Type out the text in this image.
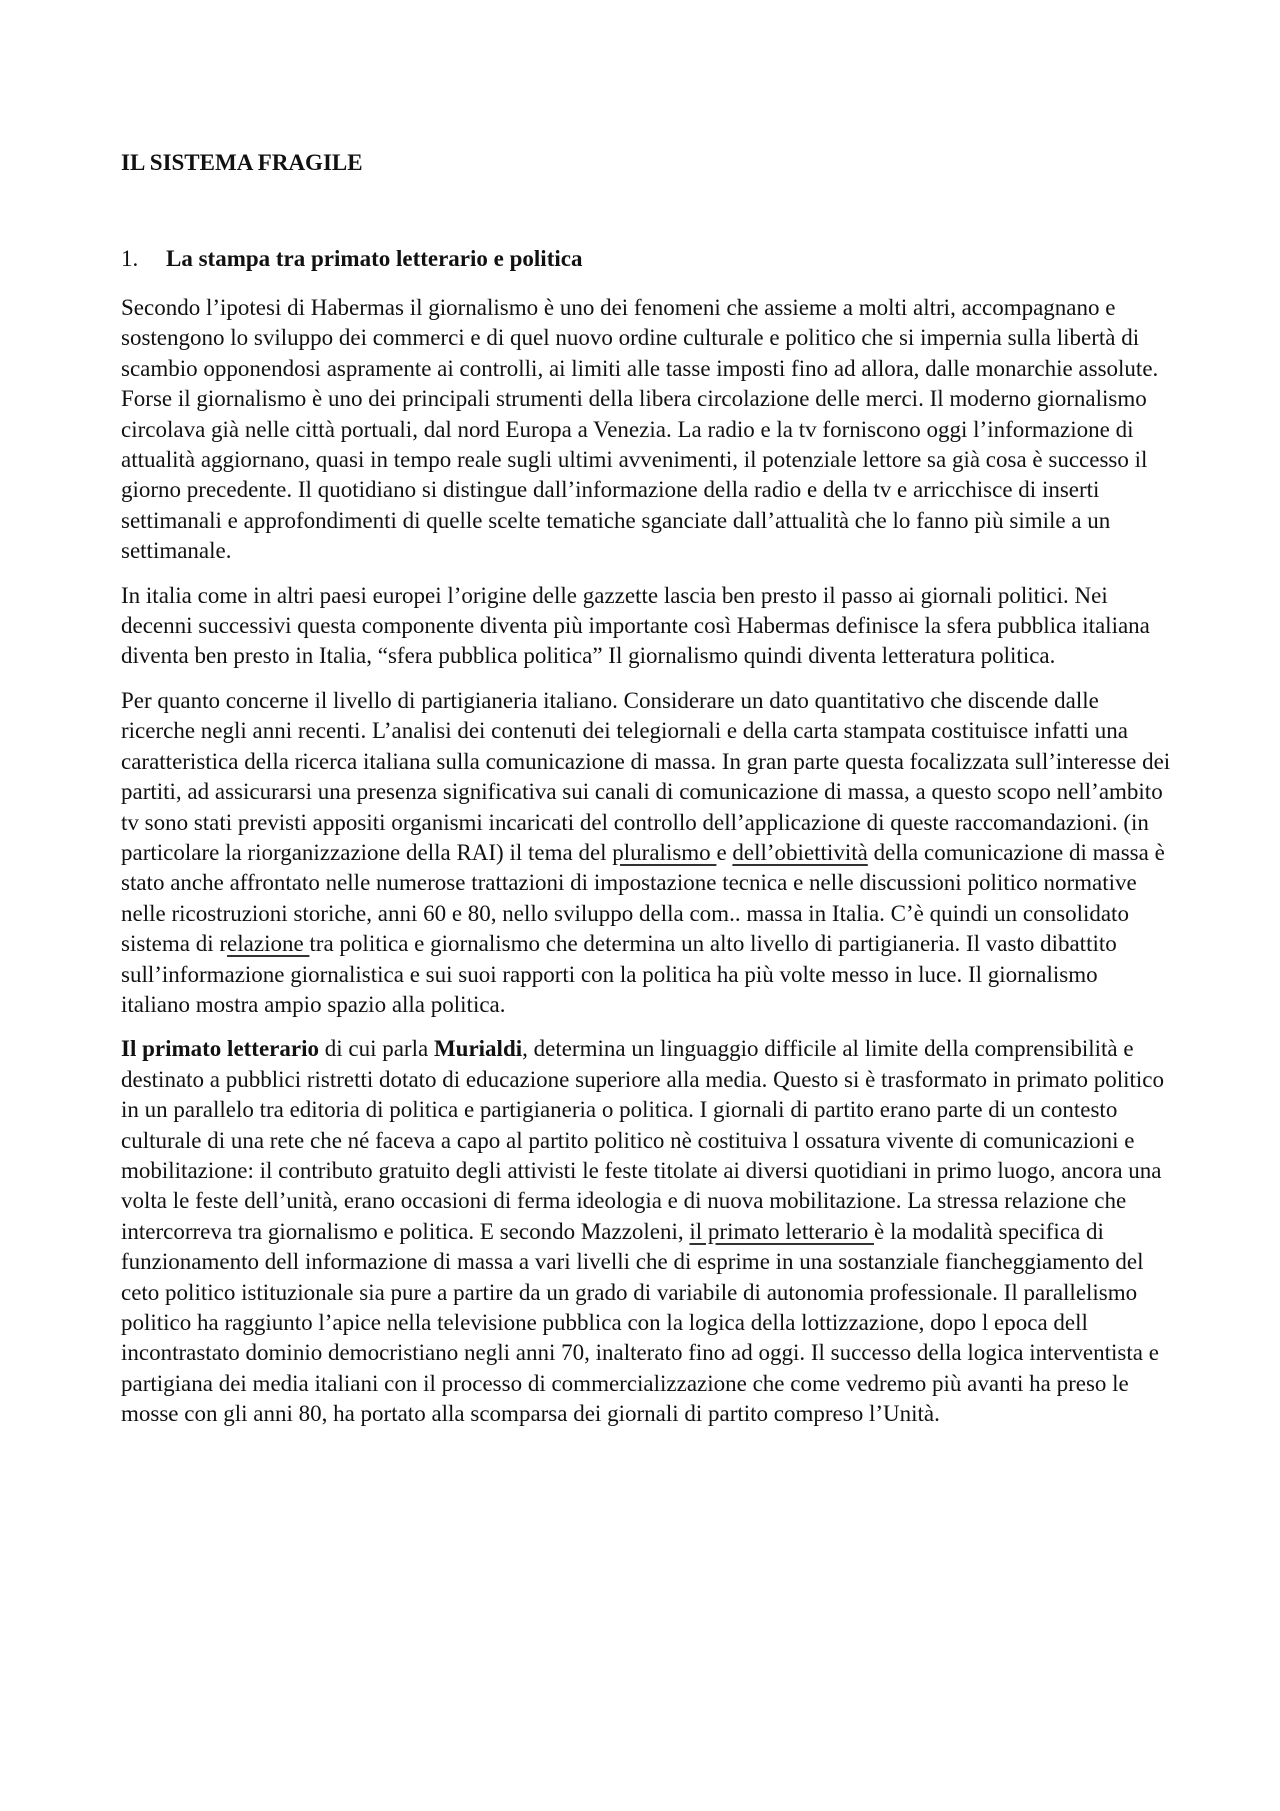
IL SISTEMA FRAGILE
1. La stampa tra primato letterario e politica

Secondo l’ipotesi di Habermas il giornalismo è uno dei fenomeni che assieme a molti altri, accompagnano e sostengono lo sviluppo dei commerci e di quel nuovo ordine culturale e politico che si impernia sulla libertà di scambio opponendosi aspramente ai controlli, ai limiti alle tasse imposti fino ad allora, dalle monarchie assolute. Forse il giornalismo è uno dei principali strumenti della libera circolazione delle merci. Il moderno giornalismo circolava già nelle città portuali, dal nord Europa a Venezia. La radio e la tv forniscono oggi l’informazione di attualità aggiornano, quasi in tempo reale sugli ultimi avvenimenti, il potenziale lettore sa già cosa è successo il giorno precedente. Il quotidiano si distingue dall’informazione della radio e della tv e arricchisce di inserti settimanali e approfondimenti di quelle scelte tematiche sganciate dall’attualità che lo fanno più simile a un settimanale.

In italia come in altri paesi europei l’origine delle gazzette lascia ben presto il passo ai giornali politici. Nei decenni successivi questa componente diventa più importante così Habermas definisce la sfera pubblica italiana diventa ben presto in Italia, “sfera pubblica politica” Il giornalismo quindi diventa letteratura politica.

Per quanto concerne il livello di partigianeria italiano. Considerare un dato quantitativo che discende dalle ricerche negli anni recenti. L’analisi dei contenuti dei telegiornali e della carta stampata costituisce infatti una caratteristica della ricerca italiana sulla comunicazione di massa. In gran parte questa focalizzata sull’interesse dei partiti, ad assicurarsi una presenza significativa sui canali di comunicazione di massa, a questo scopo nell’ambito tv sono stati previsti appositi organismi incaricati del controllo dell’applicazione di queste raccomandazioni. (in particolare la riorganizzazione della RAI) il tema del pluralismo e dell’obiettività della comunicazione di massa è stato anche affrontato nelle numerose trattazioni di impostazione tecnica e nelle discussioni politico normative nelle ricostruzioni storiche, anni 60 e 80, nello sviluppo della com.. massa in Italia. C’è quindi un consolidato sistema di relazione tra politica e giornalismo che determina un alto livello di partigianeria. Il vasto dibattito sull’informazione giornalistica e sui suoi rapporti con la politica ha più volte messo in luce. Il giornalismo italiano mostra ampio spazio alla politica.

Il primato letterario di cui parla Murialdi, determina un linguaggio difficile al limite della comprensibilità e destinato a pubblici ristretti dotato di educazione superiore alla media. Questo si è trasformato in primato politico in un parallelo tra editoria di politica e partigianeria o politica. I giornali di partito erano parte di un contesto culturale di una rete che né faceva a capo al partito politico nè costituiva l ossatura vivente di comunicazioni e mobilitazione: il contributo gratuito degli attivisti le feste titolate ai diversi quotidiani in primo luogo, ancora una volta le feste dell’unità, erano occasioni di ferma ideologia e di nuova mobilitazione. La stressa relazione che intercorreva tra giornalismo e politica. E secondo Mazzoleni, il primato letterario è la modalità specifica di funzionamento dell informazione di massa a vari livelli che di esprime in una sostanziale fiancheggiamento del ceto politico istituzionale sia pure a partire da un grado di variabile di autonomia professionale. Il parallelismo politico ha raggiunto l’apice nella televisione pubblica con la logica della lottizzazione, dopo l epoca dell incontrastato dominio democristiano negli anni 70, inalterato fino ad oggi. Il successo della logica interventista e partigiana dei media italiani con il processo di commercializzazione che come vedremo più avanti ha preso le mosse con gli anni 80, ha portato alla scomparsa dei giornali di partito compreso l’Unità.
